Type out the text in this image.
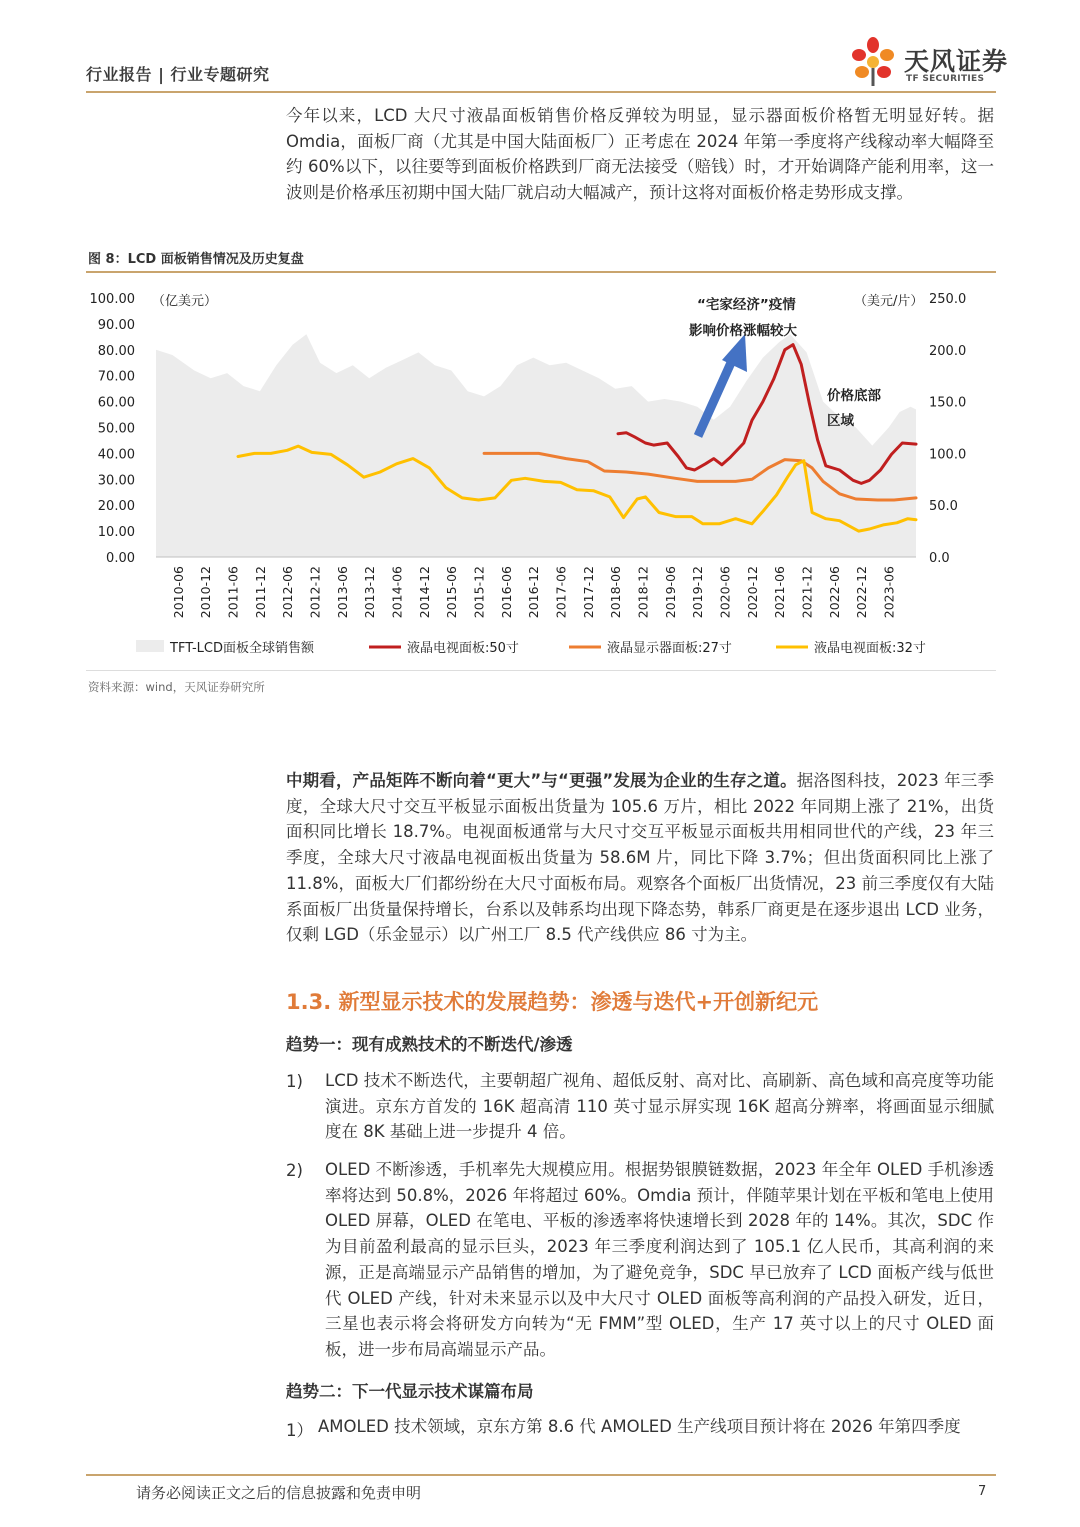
行业报告 | 行业专题研究	天风证券
TF SECURITIES

今年以来，LCD 大尺寸液晶面板销售价格反弹较为明显，显示器面板价格暂无明显好转。据 Omdia，面板厂商（尤其是中国大陆面板厂）正考虑在 2024 年第一季度将产线稼动率大幅降至约 60%以下，以往要等到面板价格跌到厂商无法接受（赔钱）时，才开始调降产能利用率，这一波则是价格承压初期中国大陆厂就启动大幅减产，预计这将对面板价格走势形成支撑。

图 8：LCD 面板销售情况及历史复盘
100.00
90.00
80.00
70.00
60.00
50.00
40.00
30.00
20.00
10.00
0.00
250.0
200.0
150.0
100.0
50.0
0.0
2010-06 2010-12 2011-06 2011-12 2012-06 2012-12 2013-06 2013-12 2014-06 2014-12 2015-06 2015-12 2016-06 2016-12 2017-06 2017-12 2018-06 2018-12 2019-06 2019-12 2020-06 2020-12 2021-06 2021-12 2022-06 2022-12 2023-06
“宅家经济”疫情
影响价格涨幅较大
价格底部
区域
（亿美元）	（美元/片）
TFT-LCD面板全球销售额	液晶电视面板:50寸	液晶显示器面板:27寸	液晶电视面板:32寸
资料来源：wind，天风证券研究所

中期看，产品矩阵不断向着“更大”与“更强”发展为企业的生存之道。据洛图科技，2023 年三季度，全球大尺寸交互平板显示面板出货量为 105.6 万片，相比 2022 年同期上涨了 21%，出货面积同比增长 18.7%。电视面板通常与大尺寸交互平板显示面板共用相同世代的产线，23 年三季度，全球大尺寸液晶电视面板出货量为 58.6M 片，同比下降 3.7%；但出货面积同比上涨了 11.8%，面板大厂们都纷纷在大尺寸面板布局。观察各个面板厂出货情况，23 前三季度仅有大陆系面板厂出货量保持增长，台系以及韩系均出现下降态势，韩系厂商更是在逐步退出 LCD 业务，仅剩 LGD（乐金显示）以广州工厂 8.5 代产线供应 86 寸为主。

1.3. 新型显示技术的发展趋势：渗透与迭代+开创新纪元
趋势一：现有成熟技术的不断迭代/渗透
1) LCD 技术不断迭代，主要朝超广视角、超低反射、高对比、高刷新、高色域和高亮度等功能演进。京东方首发的 16K 超高清 110 英寸显示屏实现 16K 超高分辨率，将画面显示细腻度在 8K 基础上进一步提升 4 倍。

2) OLED 不断渗透，手机率先大规模应用。根据势银膜链数据，2023 年全年 OLED 手机渗透率将达到 50.8%，2026 年将超过 60%。Omdia 预计，伴随苹果计划在平板和笔电上使用 OLED 屏幕，OLED 在笔电、平板的渗透率将快速增长到 2028 年的 14%。其次，SDC 作为目前盈利最高的显示巨头，2023 年三季度利润达到了 105.1 亿人民币，其高利润的来源，正是高端显示产品销售的增加，为了避免竞争，SDC 早已放弃了 LCD 面板产线与低世代 OLED 产线，针对未来显示以及中大尺寸 OLED 面板等高利润的产品投入研发，近日，三星也表示将会将研发方向转为“无 FMM”型 OLED，生产 17 英寸以上的尺寸 OLED 面板，进一步布局高端显示产品。

趋势二：下一代显示技术谋篇布局
1） AMOLED 技术领域，京东方第 8.6 代 AMOLED 生产线项目预计将在 2026 年第四季度

请务必阅读正文之后的信息披露和免责申明	7
